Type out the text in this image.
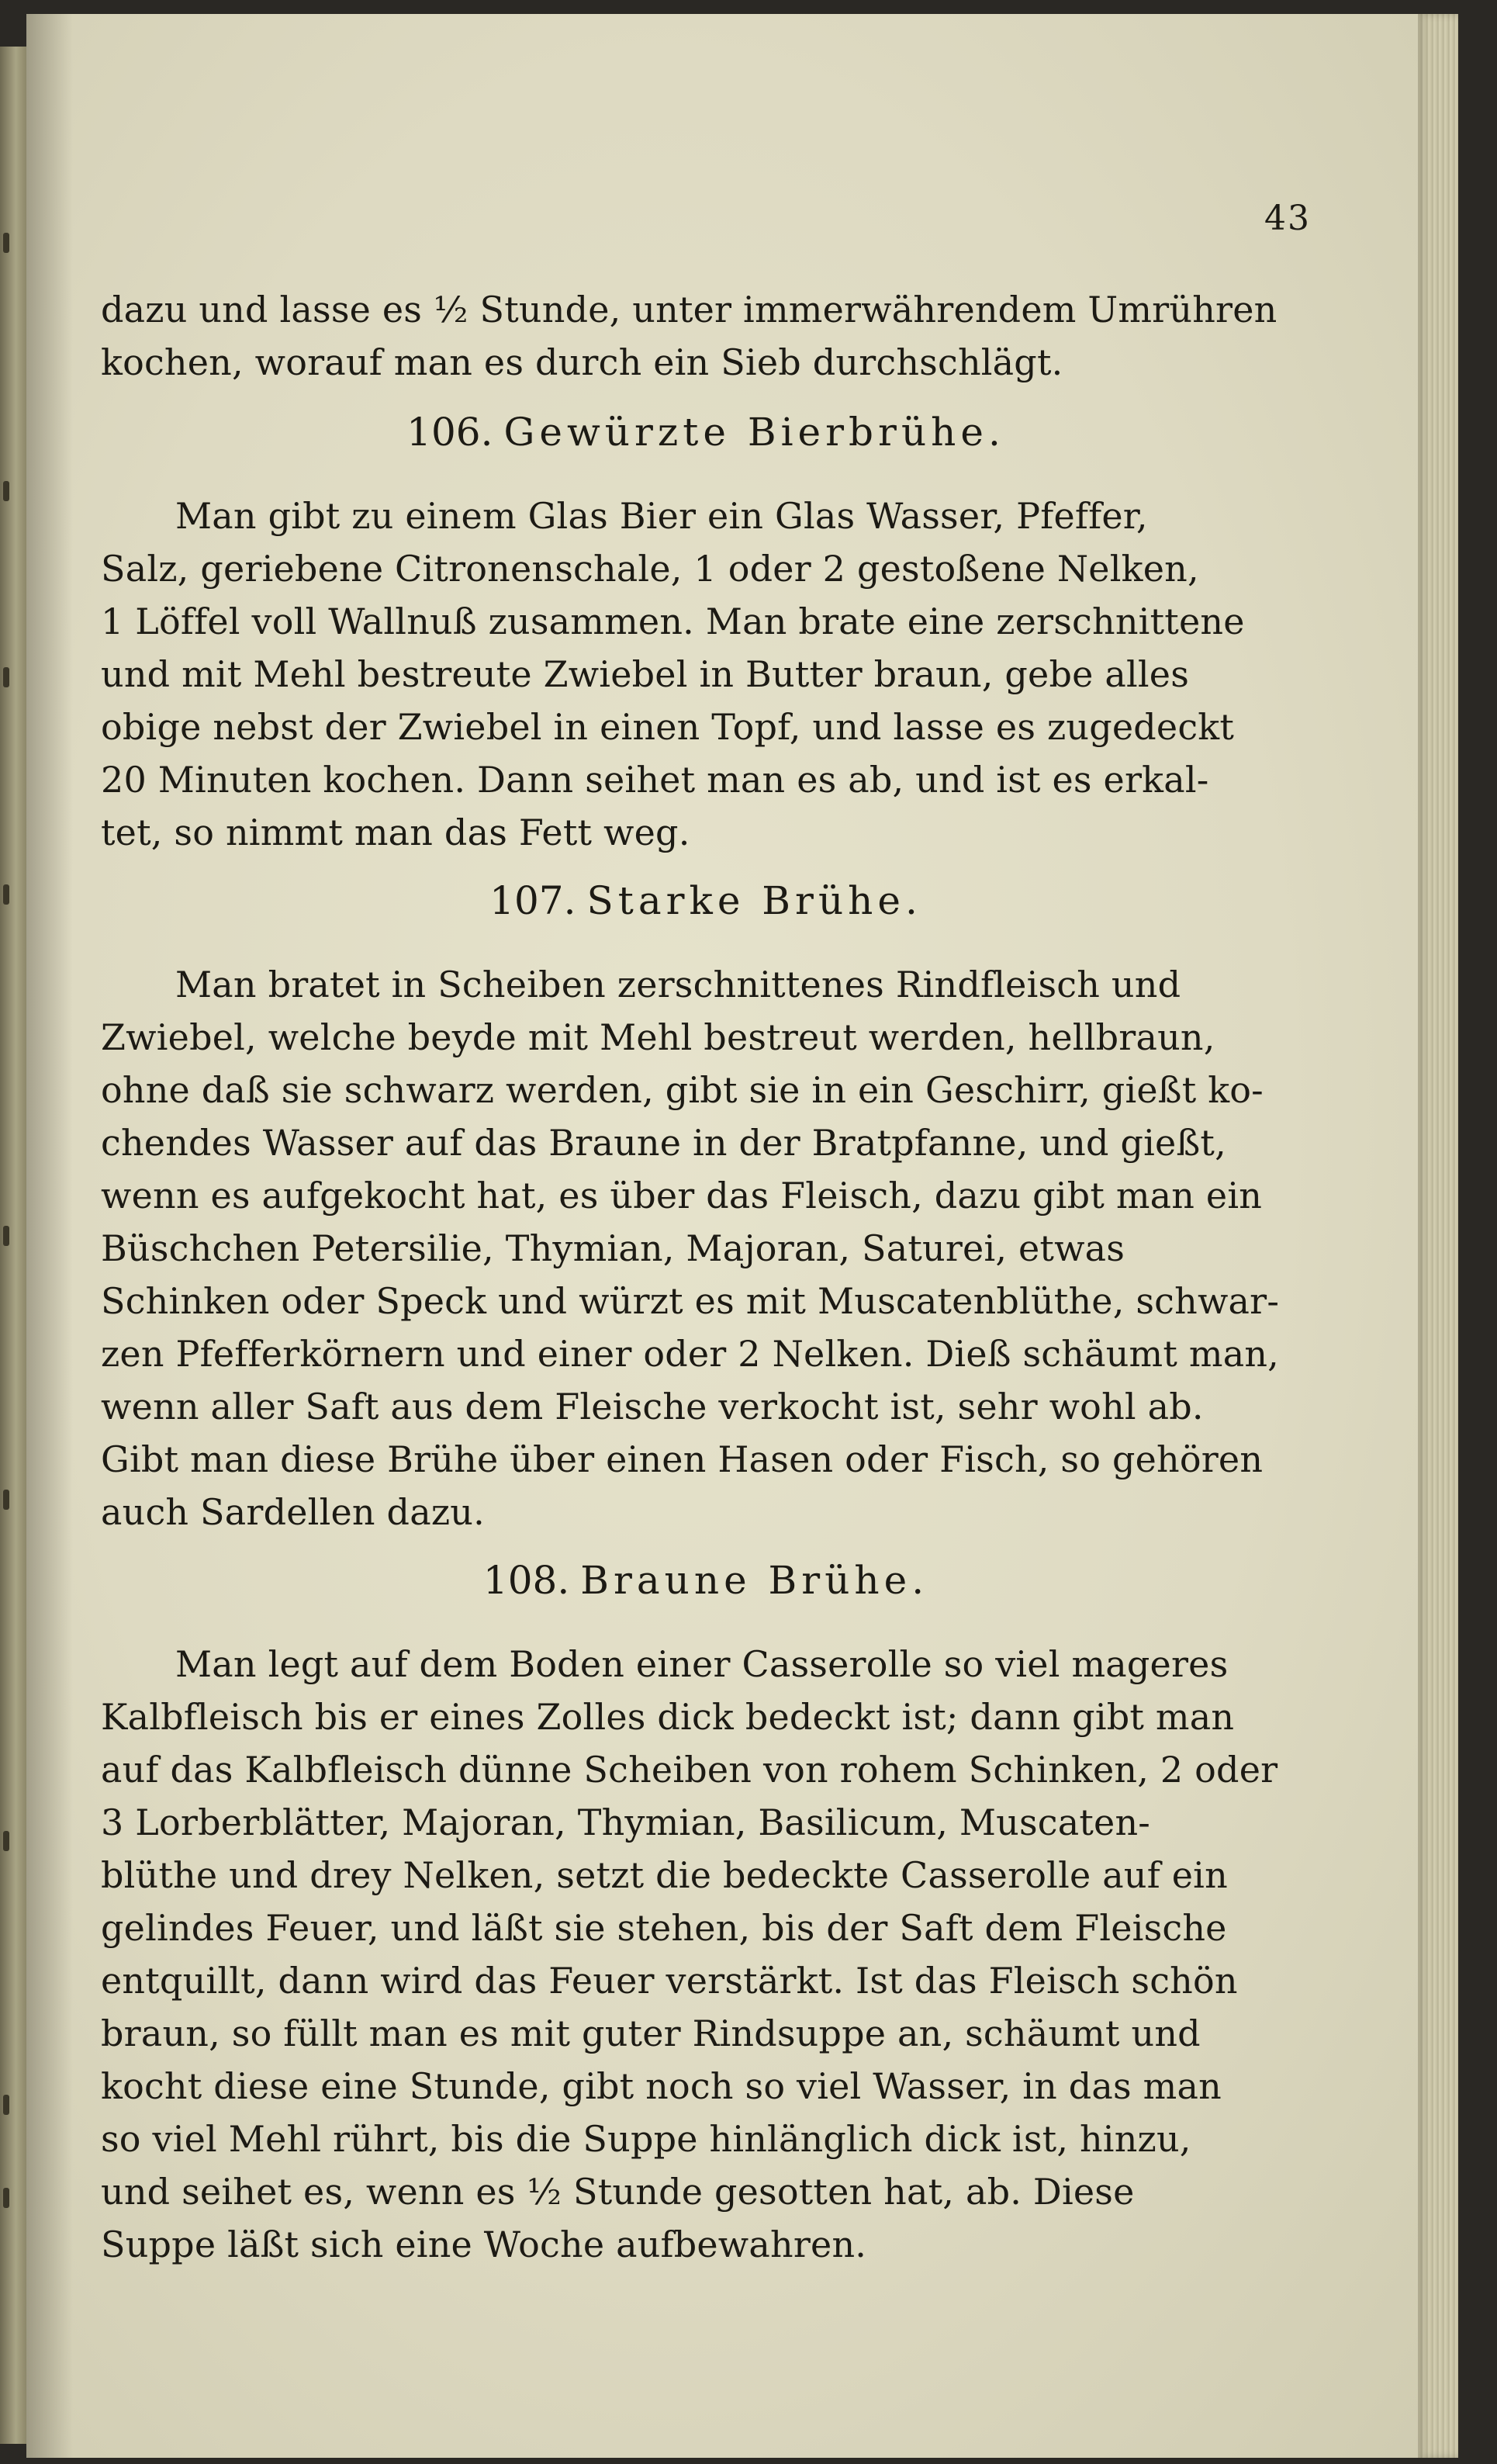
43
dazu und lasse es ½ Stunde, unter immerwährendem Umrühren
kochen, worauf man es durch ein Sieb durchschlägt.
106. Gewürzte Bierbrühe.
Man gibt zu einem Glas Bier ein Glas Wasser, Pfeffer,
Salz, geriebene Citronenschale, 1 oder 2 gestoßene Nelken,
1 Löffel voll Wallnuß zusammen. Man brate eine zerschnittene
und mit Mehl bestreute Zwiebel in Butter braun, gebe alles
obige nebst der Zwiebel in einen Topf, und lasse es zugedeckt
20 Minuten kochen. Dann seihet man es ab, und ist es erkal-
tet, so nimmt man das Fett weg.
107. Starke Brühe.
Man bratet in Scheiben zerschnittenes Rindfleisch und
Zwiebel, welche beyde mit Mehl bestreut werden, hellbraun,
ohne daß sie schwarz werden, gibt sie in ein Geschirr, gießt ko-
chendes Wasser auf das Braune in der Bratpfanne, und gießt,
wenn es aufgekocht hat, es über das Fleisch, dazu gibt man ein
Büschchen Petersilie, Thymian, Majoran, Saturei, etwas
Schinken oder Speck und würzt es mit Muscatenblüthe, schwar-
zen Pfefferkörnern und einer oder 2 Nelken. Dieß schäumt man,
wenn aller Saft aus dem Fleische verkocht ist, sehr wohl ab.
Gibt man diese Brühe über einen Hasen oder Fisch, so gehören
auch Sardellen dazu.
108. Braune Brühe.
Man legt auf dem Boden einer Casserolle so viel mageres
Kalbfleisch bis er eines Zolles dick bedeckt ist; dann gibt man
auf das Kalbfleisch dünne Scheiben von rohem Schinken, 2 oder
3 Lorberblätter, Majoran, Thymian, Basilicum, Muscaten-
blüthe und drey Nelken, setzt die bedeckte Casserolle auf ein
gelindes Feuer, und läßt sie stehen, bis der Saft dem Fleische
entquillt, dann wird das Feuer verstärkt. Ist das Fleisch schön
braun, so füllt man es mit guter Rindsuppe an, schäumt und
kocht diese eine Stunde, gibt noch so viel Wasser, in das man
so viel Mehl rührt, bis die Suppe hinlänglich dick ist, hinzu,
und seihet es, wenn es ½ Stunde gesotten hat, ab. Diese
Suppe läßt sich eine Woche aufbewahren.
